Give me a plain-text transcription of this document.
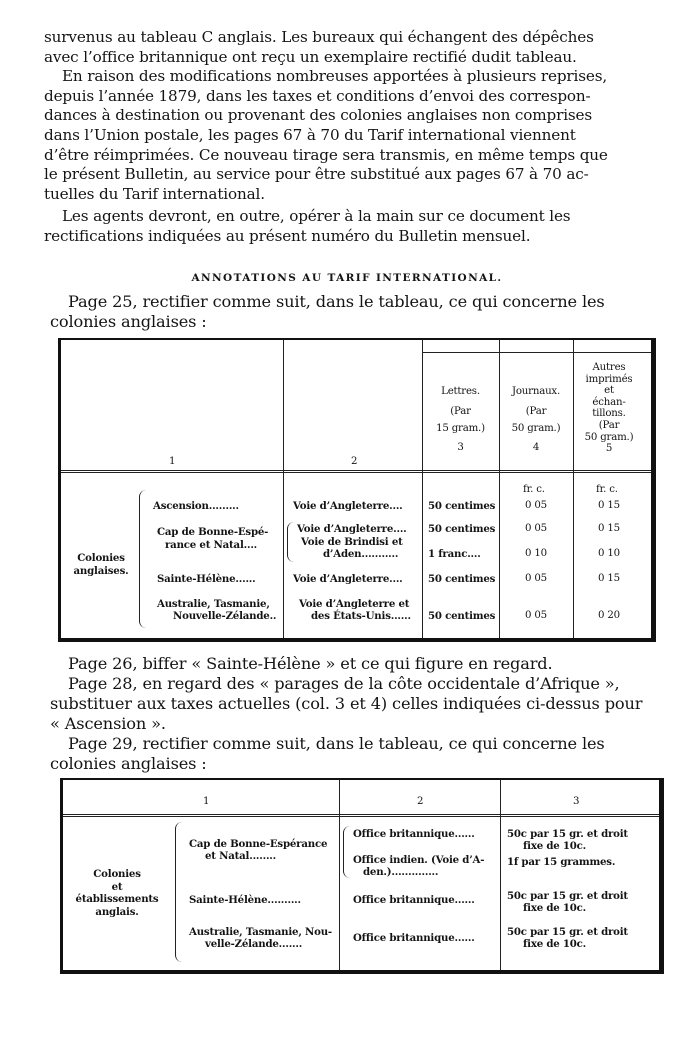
survenus au tableau C anglais. Les bureaux qui échangent des dépêches

avec l’office britannique ont reçu un exemplaire rectifié dudit tableau.

En raison des modifications nombreuses apportées à plusieurs reprises,

depuis l’année 1879, dans les taxes et conditions d’envoi des correspon-

dances à destination ou provenant des colonies anglaises non comprises

dans l’Union postale, les pages 67 à 70 du Tarif international viennent

d’être réimprimées. Ce nouveau tirage sera transmis, en même temps que

le présent Bulletin, au service pour être substitué aux pages 67 à 70 ac-

tuelles du Tarif international.

Les agents devront, en outre, opérer à la main sur ce document les

rectifications indiquées au présent numéro du Bulletin mensuel.

ANNOTATIONS AU TARIF INTERNATIONAL.

Page 25, rectifier comme suit, dans le tableau, ce qui concerne les

colonies anglaises :

1	2
Lettres.
(Par
15 gram.)
3
Journaux.
(Par
50 gram.)
4
Autres
imprimés
et
échan-
tillons.
(Par
50 gram.)
5
fr. c.	fr. c.
Colonies
anglaises.
Ascension.........	Voie d’Angleterre.... 50 centimes	0 05	0 15
Cap de Bonne-Espé-
rance et Natal....
Voie d’Angleterre.... 50 centimes	0 05	0 15
Voie de Brindisi et
d’Aden...........	1 franc....	0 10	0 10
Sainte-Hélène......	Voie d’Angleterre.... 50 centimes	0 05	0 15
Australie, Tasmanie,
Nouvelle-Zélande..
Voie d’Angleterre et
des États-Unis...... 50 centimes	0 05	0 20

Page 26, biffer « Sainte-Hélène » et ce qui figure en regard.

Page 28, en regard des « parages de la côte occidentale d’Afrique »,

substituer aux taxes actuelles (col. 3 et 4) celles indiquées ci-dessus pour

« Ascension ».

Page 29, rectifier comme suit, dans le tableau, ce qui concerne les

colonies anglaises :

1	2	3
Colonies
et
établissements
anglais.
Cap de Bonne-Espérance
et Natal........
Office britannique......	50c par 15 gr. et droit
fixe de 10c.
Office indien. (Voie d’A-
den.)..............
1f par 15 grammes.
Sainte-Hélène..........	Office britannique......	50c par 15 gr. et droit
fixe de 10c.
Australie, Tasmanie, Nou-
velle-Zélande.......	Office britannique......	50c par 15 gr. et droit
fixe de 10c.
